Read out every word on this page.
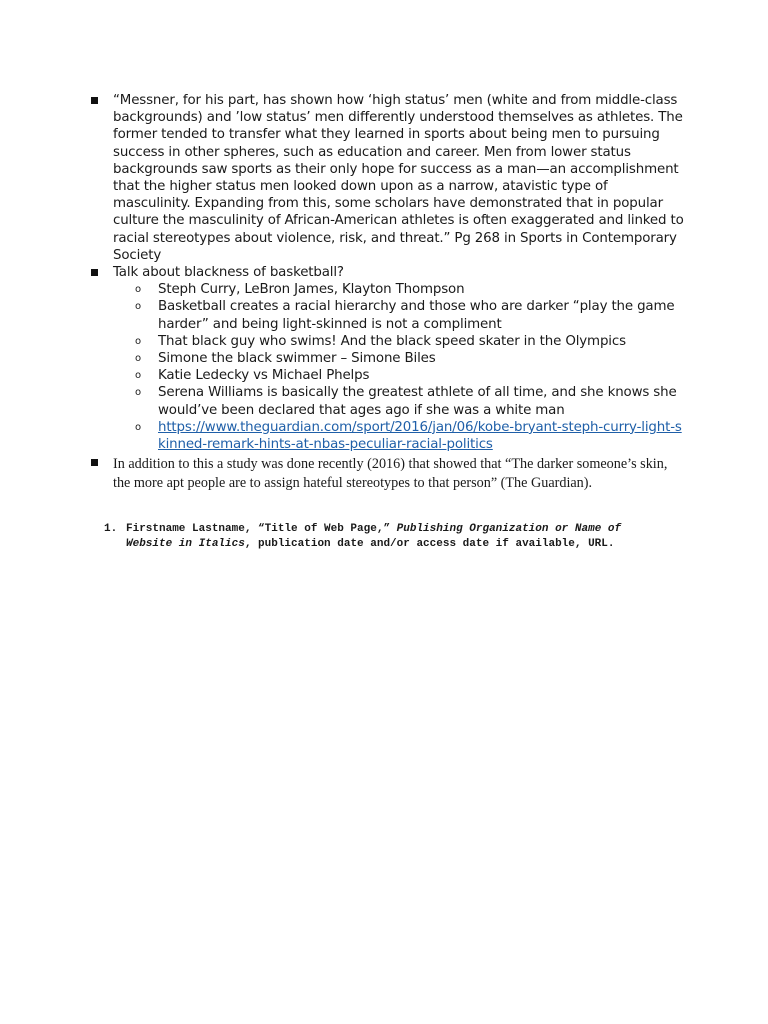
“Messner, for his part, has shown how ‘high status’ men (white and from middle-class backgrounds) and ’low status’ men differently understood themselves as athletes. The former tended to transfer what they learned in sports about being men to pursuing success in other spheres, such as education and career. Men from lower status backgrounds saw sports as their only hope for success as a man—an accomplishment that the higher status men looked down upon as a narrow, atavistic type of masculinity. Expanding from this, some scholars have demonstrated that in popular culture the masculinity of African-American athletes is often exaggerated and linked to racial stereotypes about violence, risk, and threat.” Pg 268 in Sports in Contemporary Society
Talk about blackness of basketball?
o Steph Curry, LeBron James, Klayton Thompson
o Basketball creates a racial hierarchy and those who are darker “play the game harder” and being light-skinned is not a compliment
o That black guy who swims! And the black speed skater in the Olympics
o Simone the black swimmer – Simone Biles
o Katie Ledecky vs Michael Phelps
o Serena Williams is basically the greatest athlete of all time, and she knows she would’ve been declared that ages ago if she was a white man
o https://www.theguardian.com/sport/2016/jan/06/kobe-bryant-steph-curry-light-skinned-remark-hints-at-nbas-peculiar-racial-politics
In addition to this a study was done recently (2016) that showed that “The darker someone’s skin, the more apt people are to assign hateful stereotypes to that person” (The Guardian).
1. Firstname Lastname, “Title of Web Page,” Publishing Organization or Name of Website in Italics, publication date and/or access date if available, URL.
